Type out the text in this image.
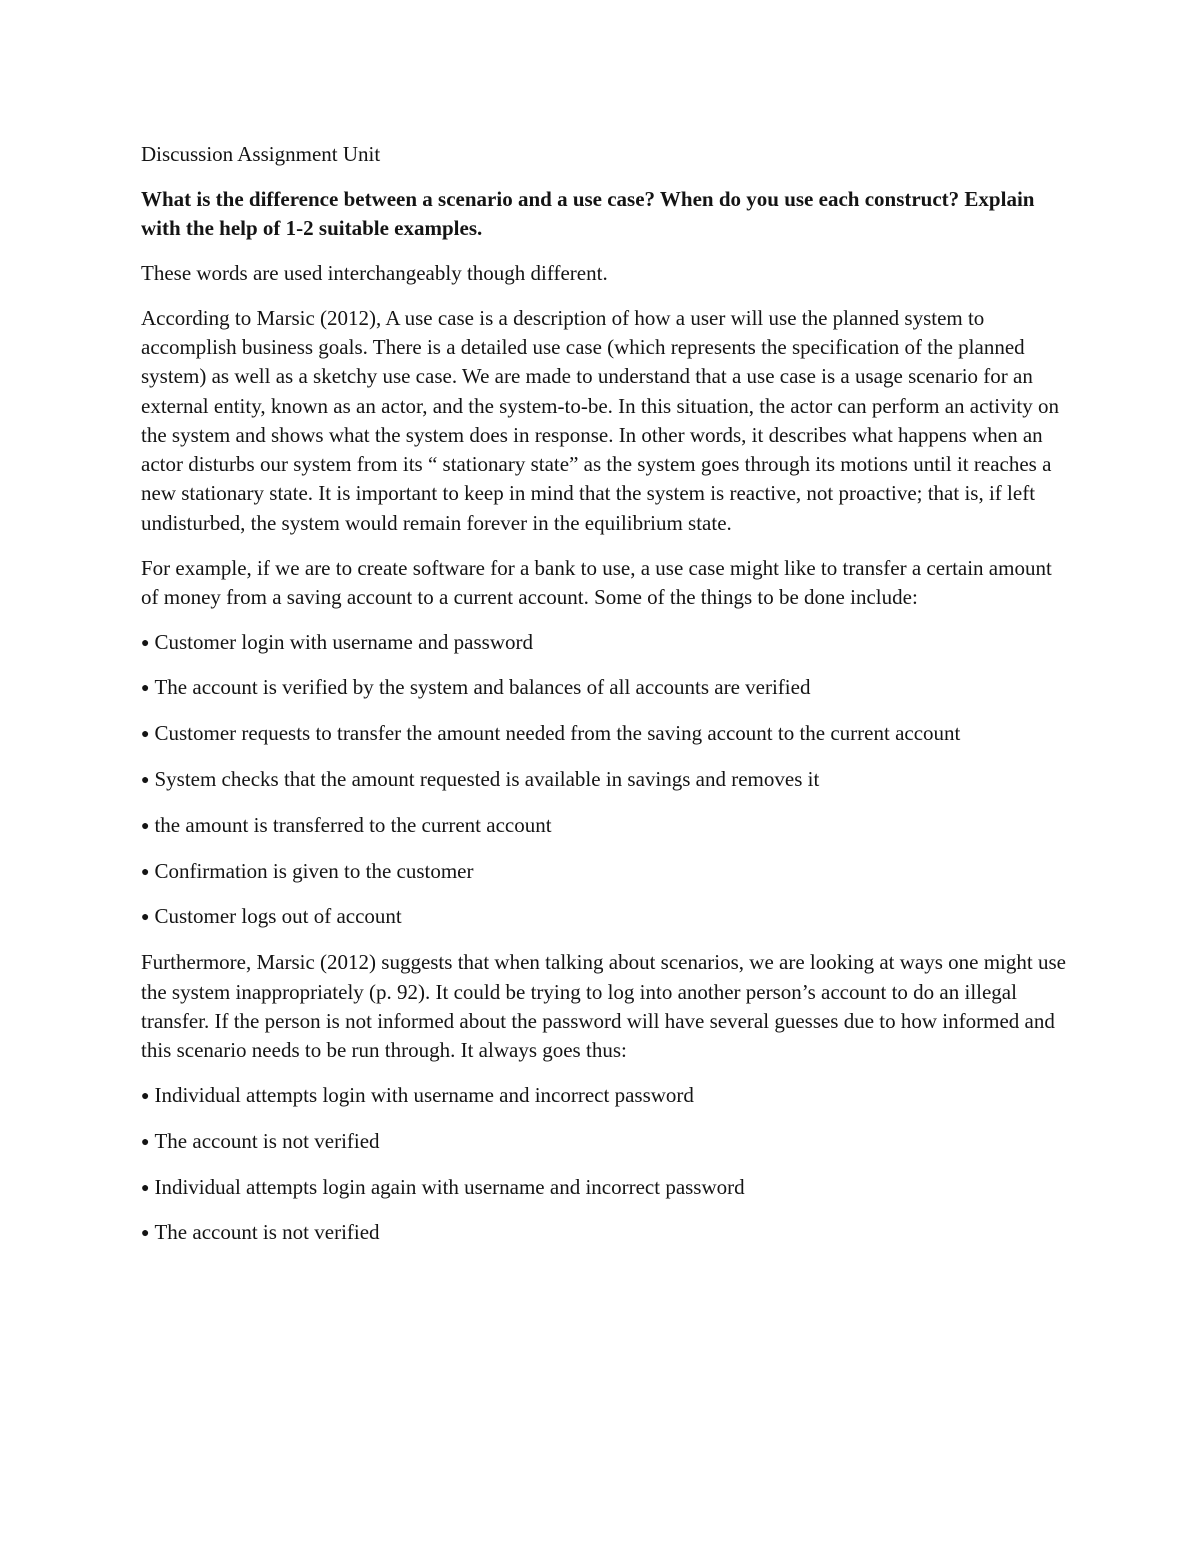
Discussion Assignment Unit

What is the difference between a scenario and a use case? When do you use each construct? Explain with the help of 1-2 suitable examples.

These words are used interchangeably though different.

According to Marsic (2012), A use case is a description of how a user will use the planned system to accomplish business goals. There is a detailed use case (which represents the specification of the planned system) as well as a sketchy use case. We are made to understand that a use case is a usage scenario for an external entity, known as an actor, and the system-to-be. In this situation, the actor can perform an activity on the system and shows what the system does in response. In other words, it describes what happens when an actor disturbs our system from its “ stationary state” as the system goes through its motions until it reaches a new stationary state. It is important to keep in mind that the system is reactive, not proactive; that is, if left undisturbed, the system would remain forever in the equilibrium state.

For example, if we are to create software for a bank to use, a use case might like to transfer a certain amount of money from a saving account to a current account. Some of the things to be done include:

● Customer login with username and password

● The account is verified by the system and balances of all accounts are verified

● Customer requests to transfer the amount needed from the saving account to the current account

● System checks that the amount requested is available in savings and removes it

● the amount is transferred to the current account

● Confirmation is given to the customer

● Customer logs out of account

Furthermore, Marsic (2012) suggests that when talking about scenarios, we are looking at ways one might use the system inappropriately (p. 92). It could be trying to log into another person’s account to do an illegal transfer. If the person is not informed about the password will have several guesses due to how informed and this scenario needs to be run through. It always goes thus:

● Individual attempts login with username and incorrect password

● The account is not verified

● Individual attempts login again with username and incorrect password

● The account is not verified
